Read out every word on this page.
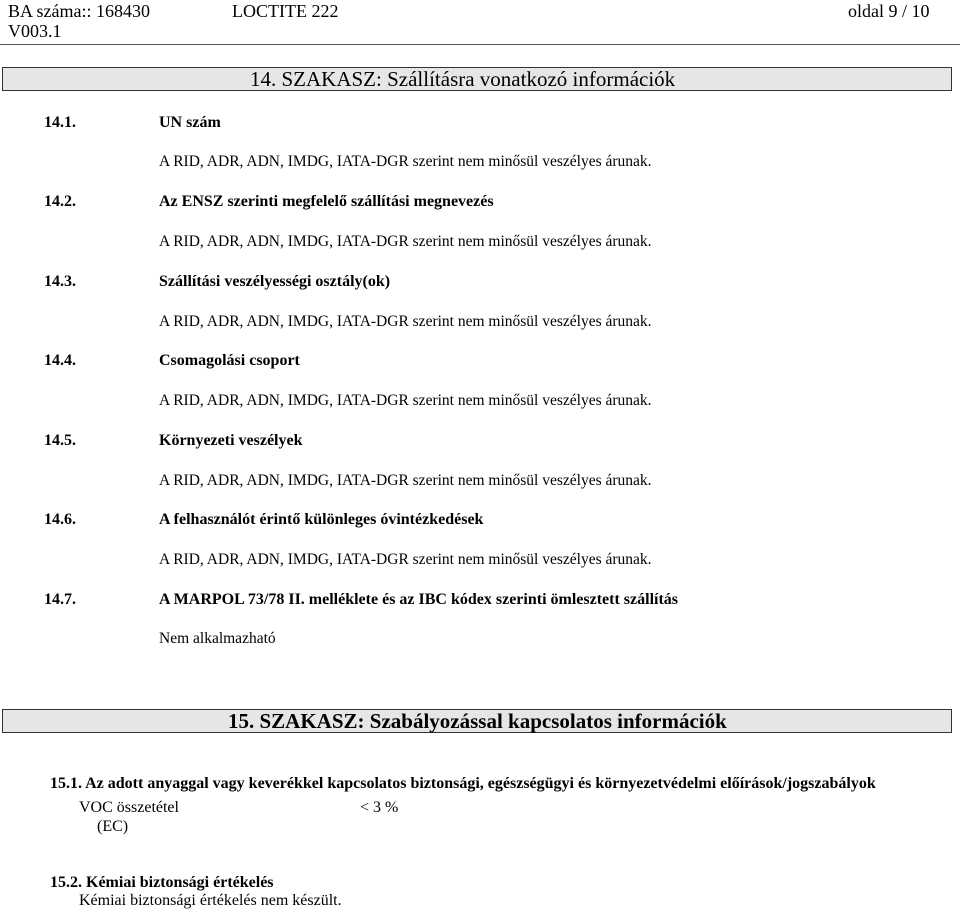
BA száma:: 168430	LOCTITE 222	oldal 9 / 10
V003.1
14. SZAKASZ: Szállításra vonatkozó információk
14.1.	UN szám
A RID, ADR, ADN, IMDG, IATA-DGR szerint nem minősül veszélyes árunak.
14.2.	Az ENSZ szerinti megfelelő szállítási megnevezés
A RID, ADR, ADN, IMDG, IATA-DGR szerint nem minősül veszélyes árunak.
14.3.	Szállítási veszélyességi osztály(ok)
A RID, ADR, ADN, IMDG, IATA-DGR szerint nem minősül veszélyes árunak.
14.4.	Csomagolási csoport
A RID, ADR, ADN, IMDG, IATA-DGR szerint nem minősül veszélyes árunak.
14.5.	Környezeti veszélyek
A RID, ADR, ADN, IMDG, IATA-DGR szerint nem minősül veszélyes árunak.
14.6.	A felhasználót érintő különleges óvintézkedések
A RID, ADR, ADN, IMDG, IATA-DGR szerint nem minősül veszélyes árunak.
14.7.	A MARPOL 73/78 II. melléklete és az IBC kódex szerinti ömlesztett szállítás
Nem alkalmazható
15. SZAKASZ: Szabályozással kapcsolatos információk
15.1. Az adott anyaggal vagy keverékkel kapcsolatos biztonsági, egészségügyi és környezetvédelmi előírások/jogszabályok
VOC összetétel	< 3 %
(EC)
15.2. Kémiai biztonsági értékelés
Kémiai biztonsági értékelés nem készült.
